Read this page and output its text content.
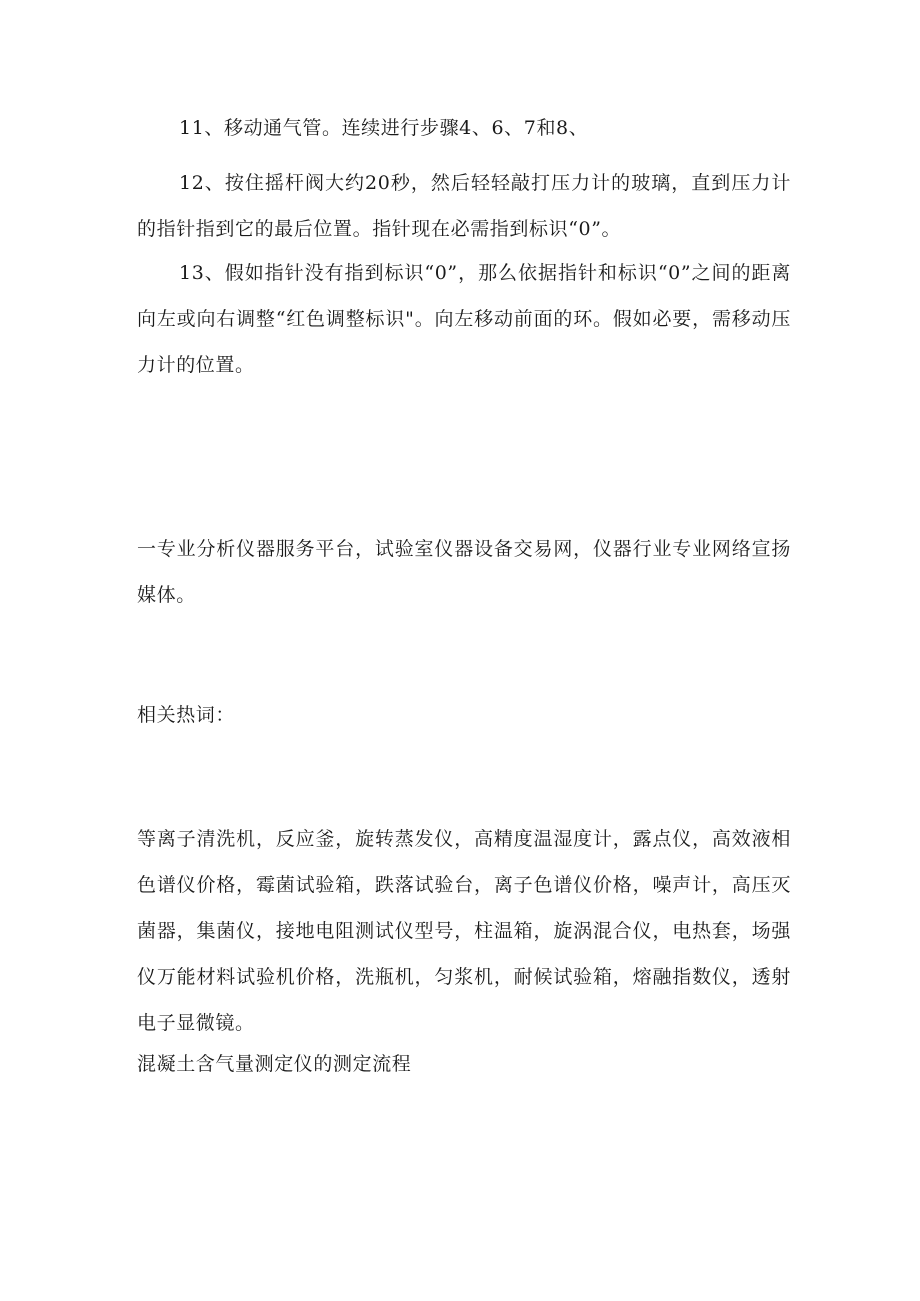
11、移动通气管。连续进行步骤4、6、7和8、

12、按住摇杆阀大约20秒，然后轻轻敲打压力计的玻璃，直到压力计的指针指到它的最后位置。指针现在必需指到标识“0”。

13、假如指针没有指到标识“0”，那么依据指针和标识“0”之间的距离向左或向右调整“红色调整标识"。向左移动前面的环。假如必要，需移动压力计的位置。

一专业分析仪器服务平台，试验室仪器设备交易网，仪器行业专业网络宣扬媒体。

相关热词：

等离子清洗机，反应釜，旋转蒸发仪，高精度温湿度计，露点仪，高效液相色谱仪价格，霉菌试验箱，跌落试验台，离子色谱仪价格，噪声计，高压灭菌器，集菌仪，接地电阻测试仪型号，柱温箱，旋涡混合仪，电热套，场强仪万能材料试验机价格，洗瓶机，匀浆机，耐候试验箱，熔融指数仪，透射电子显微镜。

混凝土含气量测定仪的测定流程
